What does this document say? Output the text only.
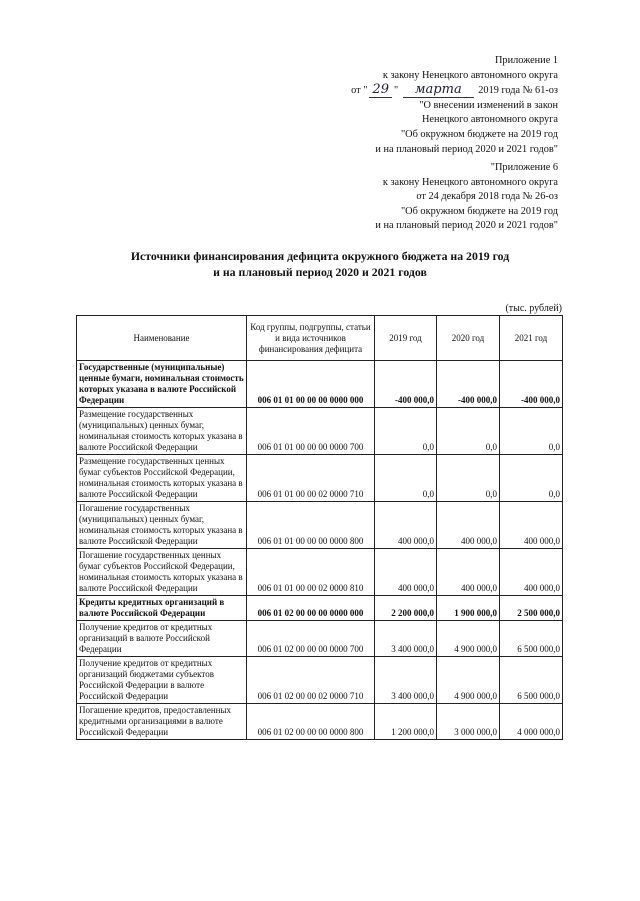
Приложение 1
к закону Ненецкого автономного округа
от " 29 " марта 2019 года № 61-оз
"О внесении изменений в закон
Ненецкого автономного округа
"Об окружном бюджете на 2019 год
и на плановый период 2020 и 2021 годов"
"Приложение 6
к закону Ненецкого автономного округа
от 24 декабря 2018 года № 26-оз
"Об окружном бюджете на 2019 год
и на плановый период 2020 и 2021 годов"
Источники финансирования дефицита окружного бюджета на 2019 год
и на плановый период 2020 и 2021 годов
(тыс. рублей)
Наименование	Код группы, подгруппы, статьи и вида источников финансирования дефицита	2019 год	2020 год	2021 год
Государственные (муниципальные) ценные бумаги, номинальная стоимость которых указана в валюте Российской Федерации	006 01 01 00 00 00 0000 000	-400 000,0	-400 000,0	-400 000,0
Размещение государственных (муниципальных) ценных бумаг, номинальная стоимость которых указана в валюте Российской Федерации	006 01 01 00 00 00 0000 700	0,0	0,0	0,0
Размещение государственных ценных бумаг субъектов Российской Федерации, номинальная стоимость которых указана в валюте Российской Федерации	006 01 01 00 00 02 0000 710	0,0	0,0	0,0
Погашение государственных (муниципальных) ценных бумаг, номинальная стоимость которых указана в валюте Российской Федерации	006 01 01 00 00 00 0000 800	400 000,0	400 000,0	400 000,0
Погашение государственных ценных бумаг субъектов Российской Федерации, номинальная стоимость которых указана в валюте Российской Федерации	006 01 01 00 00 02 0000 810	400 000,0	400 000,0	400 000,0
Кредиты кредитных организаций в валюте Российской Федерации	006 01 02 00 00 00 0000 000	2 200 000,0	1 900 000,0	2 500 000,0
Получение кредитов от кредитных организаций в валюте Российской Федерации	006 01 02 00 00 00 0000 700	3 400 000,0	4 900 000,0	6 500 000,0
Получение кредитов от кредитных организаций бюджетами субъектов Российской Федерации в валюте Российской Федерации	006 01 02 00 00 02 0000 710	3 400 000,0	4 900 000,0	6 500 000,0
Погашение кредитов, предоставленных кредитными организациями в валюте Российской Федерации	006 01 02 00 00 00 0000 800	1 200 000,0	3 000 000,0	4 000 000,0
